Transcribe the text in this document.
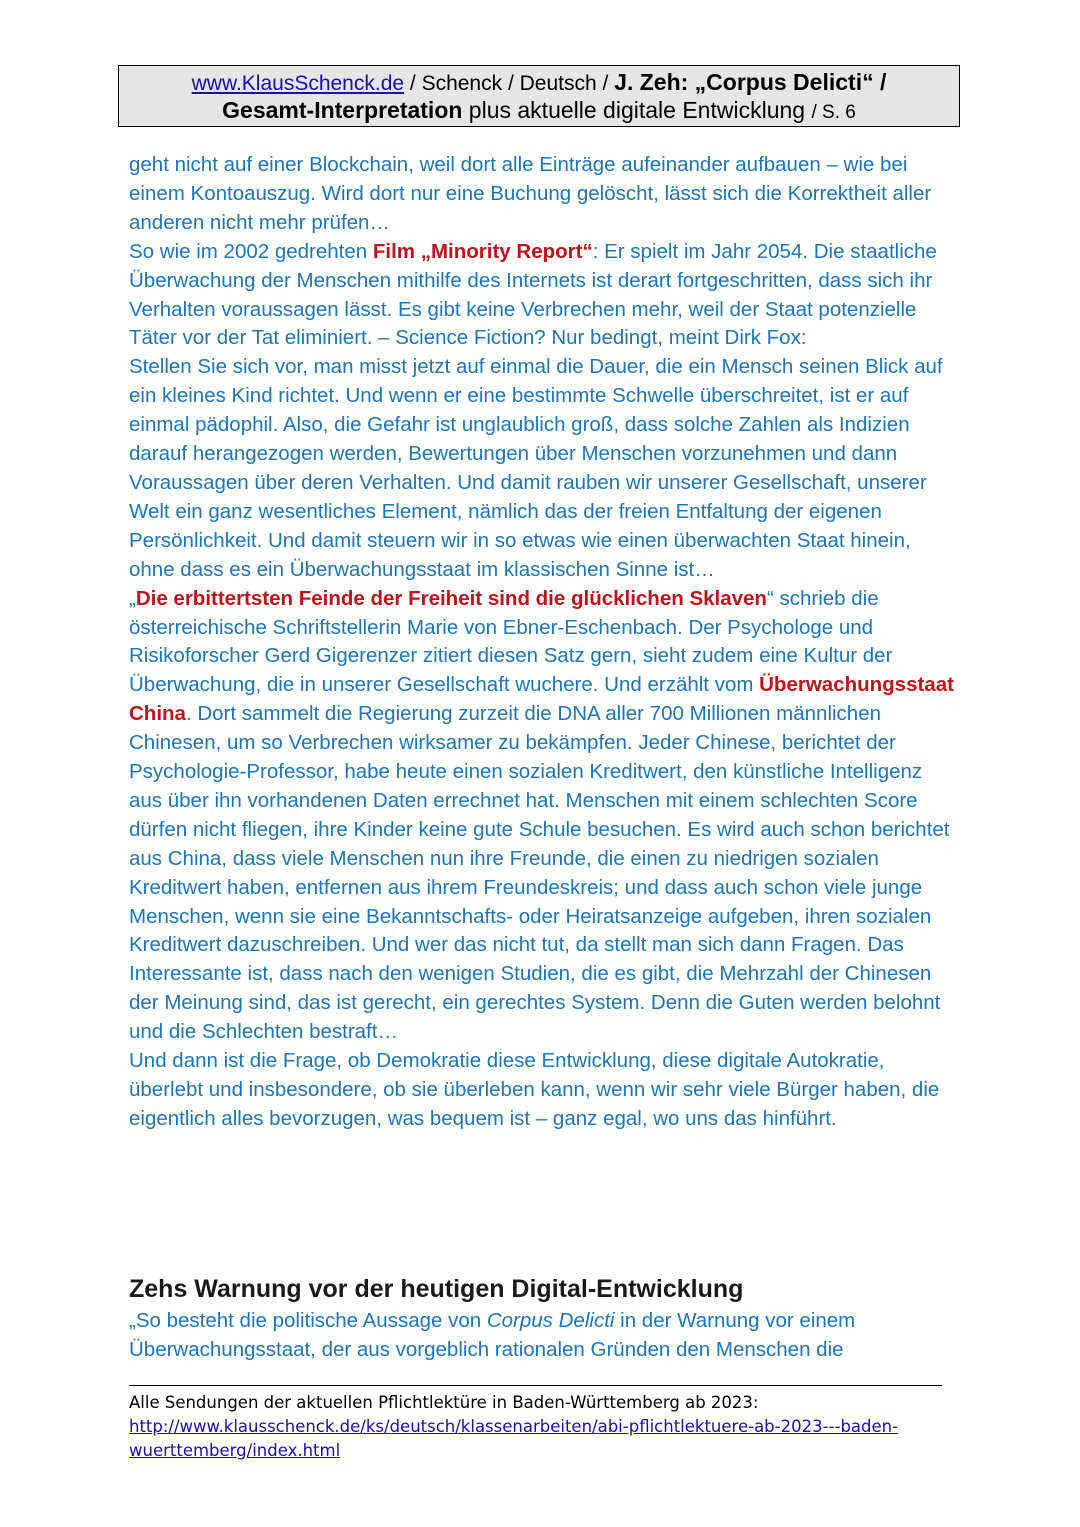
www.KlausSchenck.de / Schenck / Deutsch / J. Zeh: „Corpus Delicti“ /
Gesamt-Interpretation plus aktuelle digitale Entwicklung / S. 6

geht nicht auf einer Blockchain, weil dort alle Einträge aufeinander aufbauen – wie bei einem Kontoauszug. Wird dort nur eine Buchung gelöscht, lässt sich die Korrektheit aller anderen nicht mehr prüfen…

So wie im 2002 gedrehten Film „Minority Report“: Er spielt im Jahr 2054. Die staatliche Überwachung der Menschen mithilfe des Internets ist derart fortgeschritten, dass sich ihr Verhalten voraussagen lässt. Es gibt keine Verbrechen mehr, weil der Staat potenzielle Täter vor der Tat eliminiert. – Science Fiction? Nur bedingt, meint Dirk Fox:

Stellen Sie sich vor, man misst jetzt auf einmal die Dauer, die ein Mensch seinen Blick auf ein kleines Kind richtet. Und wenn er eine bestimmte Schwelle überschreitet, ist er auf einmal pädophil. Also, die Gefahr ist unglaublich groß, dass solche Zahlen als Indizien darauf herangezogen werden, Bewertungen über Menschen vorzunehmen und dann Voraussagen über deren Verhalten. Und damit rauben wir unserer Gesellschaft, unserer Welt ein ganz wesentliches Element, nämlich das der freien Entfaltung der eigenen Persönlichkeit. Und damit steuern wir in so etwas wie einen überwachten Staat hinein, ohne dass es ein Überwachungsstaat im klassischen Sinne ist…

„Die erbittertsten Feinde der Freiheit sind die glücklichen Sklaven“ schrieb die österreichische Schriftstellerin Marie von Ebner-Eschenbach. Der Psychologe und Risikoforscher Gerd Gigerenzer zitiert diesen Satz gern, sieht zudem eine Kultur der Überwachung, die in unserer Gesellschaft wuchere. Und erzählt vom Überwachungsstaat China. Dort sammelt die Regierung zurzeit die DNA aller 700 Millionen männlichen Chinesen, um so Verbrechen wirksamer zu bekämpfen. Jeder Chinese, berichtet der Psychologie-Professor, habe heute einen sozialen Kreditwert, den künstliche Intelligenz aus über ihn vorhandenen Daten errechnet hat. Menschen mit einem schlechten Score dürfen nicht fliegen, ihre Kinder keine gute Schule besuchen. Es wird auch schon berichtet aus China, dass viele Menschen nun ihre Freunde, die einen zu niedrigen sozialen Kreditwert haben, entfernen aus ihrem Freundeskreis; und dass auch schon viele junge Menschen, wenn sie eine Bekanntschafts- oder Heiratsanzeige aufgeben, ihren sozialen Kreditwert dazuschreiben. Und wer das nicht tut, da stellt man sich dann Fragen. Das Interessante ist, dass nach den wenigen Studien, die es gibt, die Mehrzahl der Chinesen der Meinung sind, das ist gerecht, ein gerechtes System. Denn die Guten werden belohnt und die Schlechten bestraft…

Und dann ist die Frage, ob Demokratie diese Entwicklung, diese digitale Autokratie, überlebt und insbesondere, ob sie überleben kann, wenn wir sehr viele Bürger haben, die eigentlich alles bevorzugen, was bequem ist – ganz egal, wo uns das hinführt.

Zehs Warnung vor der heutigen Digital-Entwicklung

„So besteht die politische Aussage von Corpus Delicti in der Warnung vor einem Überwachungsstaat, der aus vorgeblich rationalen Gründen den Menschen die

Alle Sendungen der aktuellen Pflichtlektüre in Baden-Württemberg ab 2023:
http://www.klausschenck.de/ks/deutsch/klassenarbeiten/abi-pflichtlektuere-ab-2023---baden-wuerttemberg/index.html
